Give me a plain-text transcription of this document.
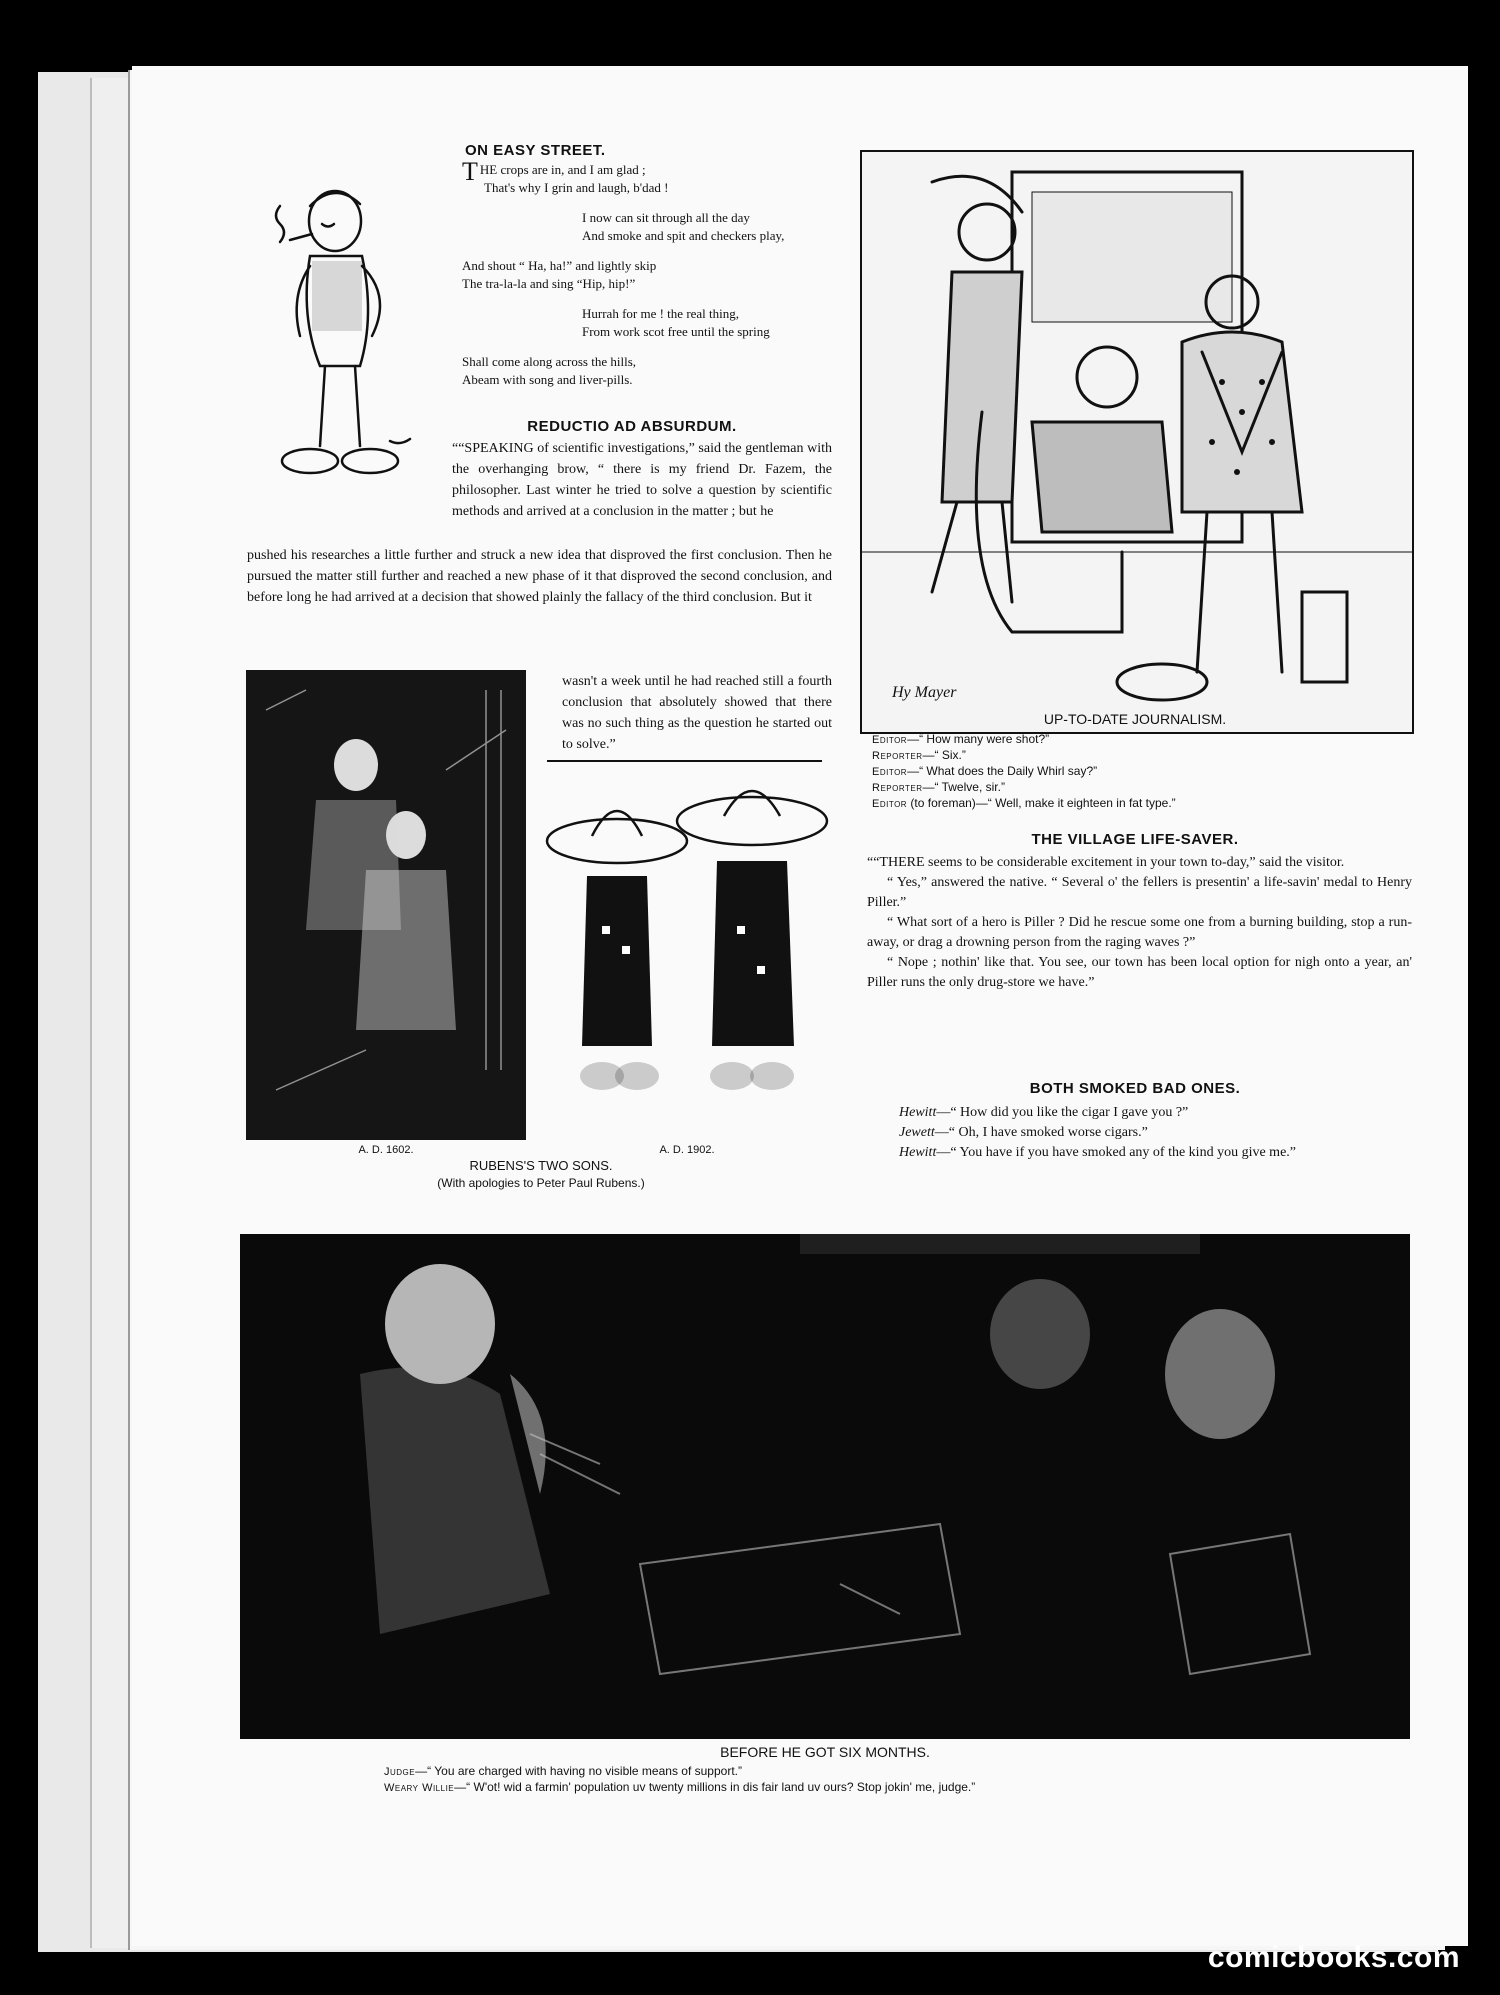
ON EASY STREET.
THE crops are in, and I am glad ;
That's why I grin and laugh, b'dad !
I now can sit through all the day
And smoke and spit and checkers play,
And shout “ Ha, ha!” and lightly skip
The tra-la-la and sing “Hip, hip!”
Hurrah for me ! the real thing,
From work scot free until the spring
Shall come along across the hills,
Abeam with song and liver-pills.
REDUCTIO AD ABSURDUM.
““SPEAKING of scientific investigations,” said the gentleman with the overhanging brow, “ there is my friend Dr. Fazem, the philosopher. Last winter he tried to solve a question by scientific methods and arrived at a conclusion in the matter ; but he
pushed his researches a little further and struck a new idea that disproved the first conclusion. Then he pursued the matter still further and reached a new phase of it that disproved the second conclusion, and before long he had arrived at a decision that showed plainly the fallacy of the third conclusion. But it
wasn't a week until he had reached still a fourth conclusion that absolutely showed that there was no such thing as the question he started out to solve.”
Hy Mayer
UP-TO-DATE JOURNALISM.
Editor—“ How many were shot?”
Reporter—“ Six.”
Editor—“ What does the Daily Whirl say?”
Reporter—“ Twelve, sir.”
Editor (to foreman)—“ Well, make it eighteen in fat type.”
THE VILLAGE LIFE-SAVER.
““THERE seems to be considerable excitement in your town to-day,” said the visitor.
“ Yes,” answered the native. “ Several o' the fellers is presentin' a life-savin' medal to Henry Piller.”
“ What sort of a hero is Piller ? Did he rescue some one from a burning building, stop a run-away, or drag a drowning person from the raging waves ?”
“ Nope ; nothin' like that. You see, our town has been local option for nigh onto a year, an' Piller runs the only drug-store we have.”
BOTH SMOKED BAD ONES.
Hewitt—“ How did you like the cigar I gave you ?”
Jewett—“ Oh, I have smoked worse cigars.”
Hewitt—“ You have if you have smoked any of the kind you give me.”
A. D. 1602.	A. D. 1902.
RUBENS'S TWO SONS.
(With apologies to Peter Paul Rubens.)
BEFORE HE GOT SIX MONTHS.
Judge—“ You are charged with having no visible means of support.”
Weary Willie—“ W'ot! wid a farmin' population uv twenty millions in dis fair land uv ours? Stop jokin' me, judge.”
comicbooks.com
